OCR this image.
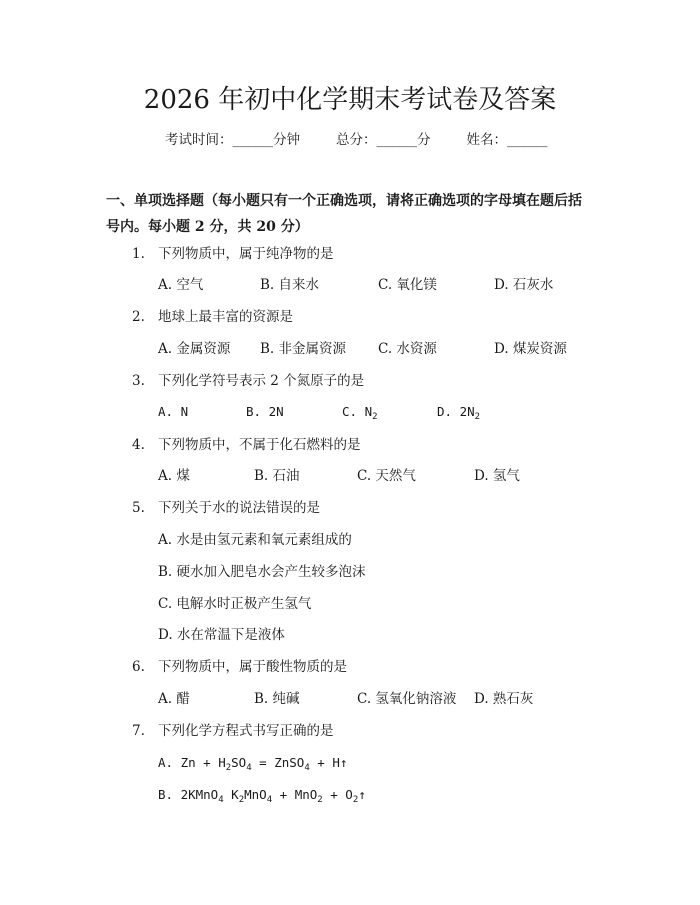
2026 年初中化学期末考试卷及答案
考试时间：______分钟	总分：______分	姓名：______
一、单项选择题（每小题只有一个正确选项，请将正确选项的字母填在题后括号内。每小题 2 分，共 20 分）
1. 下列物质中，属于纯净物的是
A. 空气	B. 自来水	C. 氧化镁	D. 石灰水
2. 地球上最丰富的资源是
A. 金属资源 B. 非金属资源 C. 水资源	D. 煤炭资源
3. 下列化学符号表示 2 个氮原子的是
A. N	B. 2N	C. $N_2$	D. $2N_2$
4. 下列物质中，不属于化石燃料的是
A. 煤	B. 石油	C. 天然气	D. 氢气
5. 下列关于水的说法错误的是
A. 水是由氢元素和氧元素组成的
B. 硬水加入肥皂水会产生较多泡沫
C. 电解水时正极产生氢气
D. 水在常温下是液体
6. 下列物质中，属于酸性物质的是
A. 醋	B. 纯碱	C. 氢氧化钠溶液 D. 熟石灰
7. 下列化学方程式书写正确的是
A. $Zn + H_2SO_4$ = ZnSO$_4$ + H↑
B. 2KMnO$_4$ $K_2MnO_4 + MnO_2$ + $O_2↑$
